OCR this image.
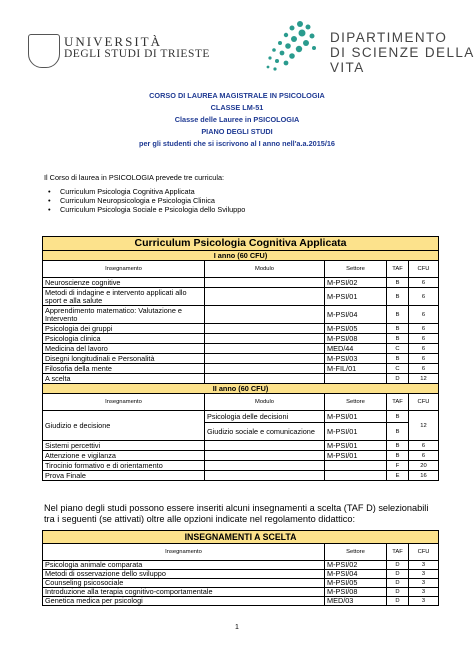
UNIVERSITÀ
DEGLI STUDI DI TRIESTE
DIPARTIMENTO
DI SCIENZE DELLA VITA
CORSO DI LAUREA MAGISTRALE IN PSICOLOGIA
CLASSE LM-51
Classe delle Lauree in PSICOLOGIA
PIANO DEGLI STUDI
per gli studenti che si iscrivono al I anno nell'a.a.2015/16
Il Corso di laurea in PSICOLOGIA prevede tre curricula:
• Curriculum Psicologia Cognitiva Applicata
• Curriculum Neuropsicologia e Psicologia Clinica
• Curriculum Psicologia Sociale e Psicologia dello Sviluppo
Curriculum Psicologia Cognitiva Applicata				
I anno (60 CFU)				
Insegnamento	Modulo	Settore	TAF	CFU
Neuroscienze cognitive		M-PSI/02	B	6
Metodi di indagine e intervento applicati allo sport e alla salute		M-PSI/01	B	6
Apprendimento matematico: Valutazione e Intervento		M-PSI/04	B	6
Psicologia dei gruppi		M-PSI/05	B	6
Psicologia clinica		M-PSI/08	B	6
Medicina del lavoro		MED/44	C	6
Disegni longitudinali e Personalità		M-PSI/03	B	6
Filosofia della mente		M-FIL/01	C	6
A scelta			D	12
II anno (60 CFU)				
Insegnamento	Modulo	Settore	TAF	CFU
Giudizio e decisione	Psicologia delle decisioni	M-PSI/01	B	12
	Giudizio sociale e comunicazione	M-PSI/01	B	
Sistemi percettivi		M-PSI/01	B	6
Attenzione e vigilanza		M-PSI/01	B	6
Tirocinio formativo e di orientamento			F	20
Prova Finale			E	16
Nel piano degli studi possono essere inseriti alcuni insegnamenti a scelta (TAF D) selezionabili tra i seguenti (se attivati) oltre alle opzioni indicate nel regolamento didattico:
INSEGNAMENTI A SCELTA			
Insegnamento	Settore	TAF	CFU
Psicologia animale comparata	M-PSI/02	D	3
Metodi di osservazione dello sviluppo	M-PSI/04	D	3
Counseling psicosociale	M-PSI/05	D	3
Introduzione alla terapia cognitivo-comportamentale	M-PSI/08	D	3
Genetica medica per psicologi	MED/03	D	3
1
